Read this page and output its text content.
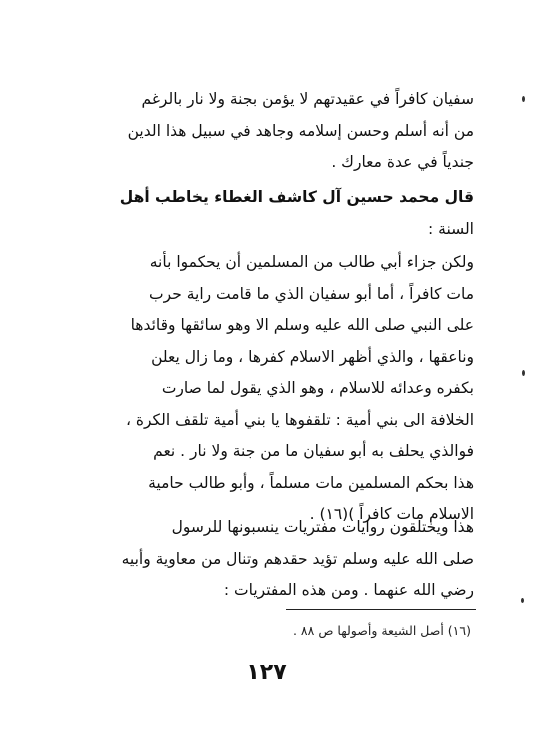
سفيان كافراً في عقيدتهم لا يؤمن بجنة ولا نار بالرغم
من أنه أسلم وحسن إسلامه وجاهد في سبيل هذا الدين
جندياً في عدة معارك .
قال محمد حسين آل كاشف الغطاء يخاطب أهل
السنة :
ولكن جزاء أبي طالب من المسلمين أن يحكموا بأنه
مات كافراً ، أما أبو سفيان الذي ما قامت راية حرب
على النبي صلى الله عليه وسلم الا وهو سائقها وقائدها
وناعقها ، والذي أظهر الاسلام كفرها ، وما زال يعلن
بكفره وعدائه للاسلام ، وهو الذي يقول لما صارت
الخلافة الى بني أمية : تلقفوها يا بني أمية تلقف الكرة ،
فوالذي يحلف به أبو سفيان ما من جنة ولا نار . نعم
هذا بحكم المسلمين مات مسلماً ، وأبو طالب حامية
الاسلام مات كافراً )(١٦) .
هذا ويختلقون روايات مفتريات ينسبونها للرسول
صلى الله عليه وسلم تؤيد حقدهم وتنال من معاوية وأبيه
رضي الله عنهما . ومن هذه المفتريات :
(١٦) أصل الشيعة وأصولها ص ٨٨ .
١٢٧
